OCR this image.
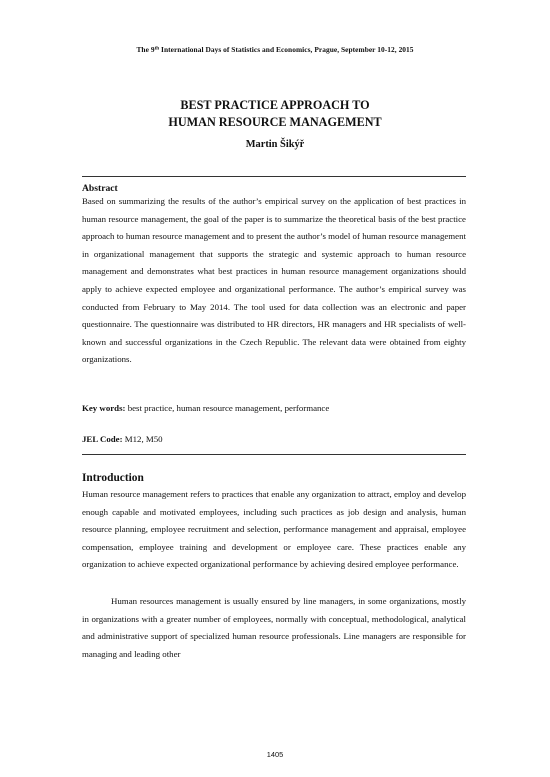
The 9th International Days of Statistics and Economics, Prague, September 10-12, 2015
BEST PRACTICE APPROACH TO
HUMAN RESOURCE MANAGEMENT
Martin Šikýř

Abstract

Based on summarizing the results of the author’s empirical survey on the application of best practices in human resource management, the goal of the paper is to summarize the theoretical basis of the best practice approach to human resource management and to present the author’s model of human resource management in organizational management that supports the strategic and systemic approach to human resource management and demonstrates what best practices in human resource management organizations should apply to achieve expected employee and organizational performance. The author’s empirical survey was conducted from February to May 2014. The tool used for data collection was an electronic and paper questionnaire. The questionnaire was distributed to HR directors, HR managers and HR specialists of well-known and successful organizations in the Czech Republic. The relevant data were obtained from eighty organizations.

Key words: best practice, human resource management, performance

JEL Code: M12, M50

Introduction

Human resource management refers to practices that enable any organization to attract, employ and develop enough capable and motivated employees, including such practices as job design and analysis, human resource planning, employee recruitment and selection, performance management and appraisal, employee compensation, employee training and development or employee care. These practices enable any organization to achieve expected organizational performance by achieving desired employee performance.

Human resources management is usually ensured by line managers, in some organizations, mostly in organizations with a greater number of employees, normally with conceptual, methodological, analytical and administrative support of specialized human resource professionals. Line managers are responsible for managing and leading other

1405
